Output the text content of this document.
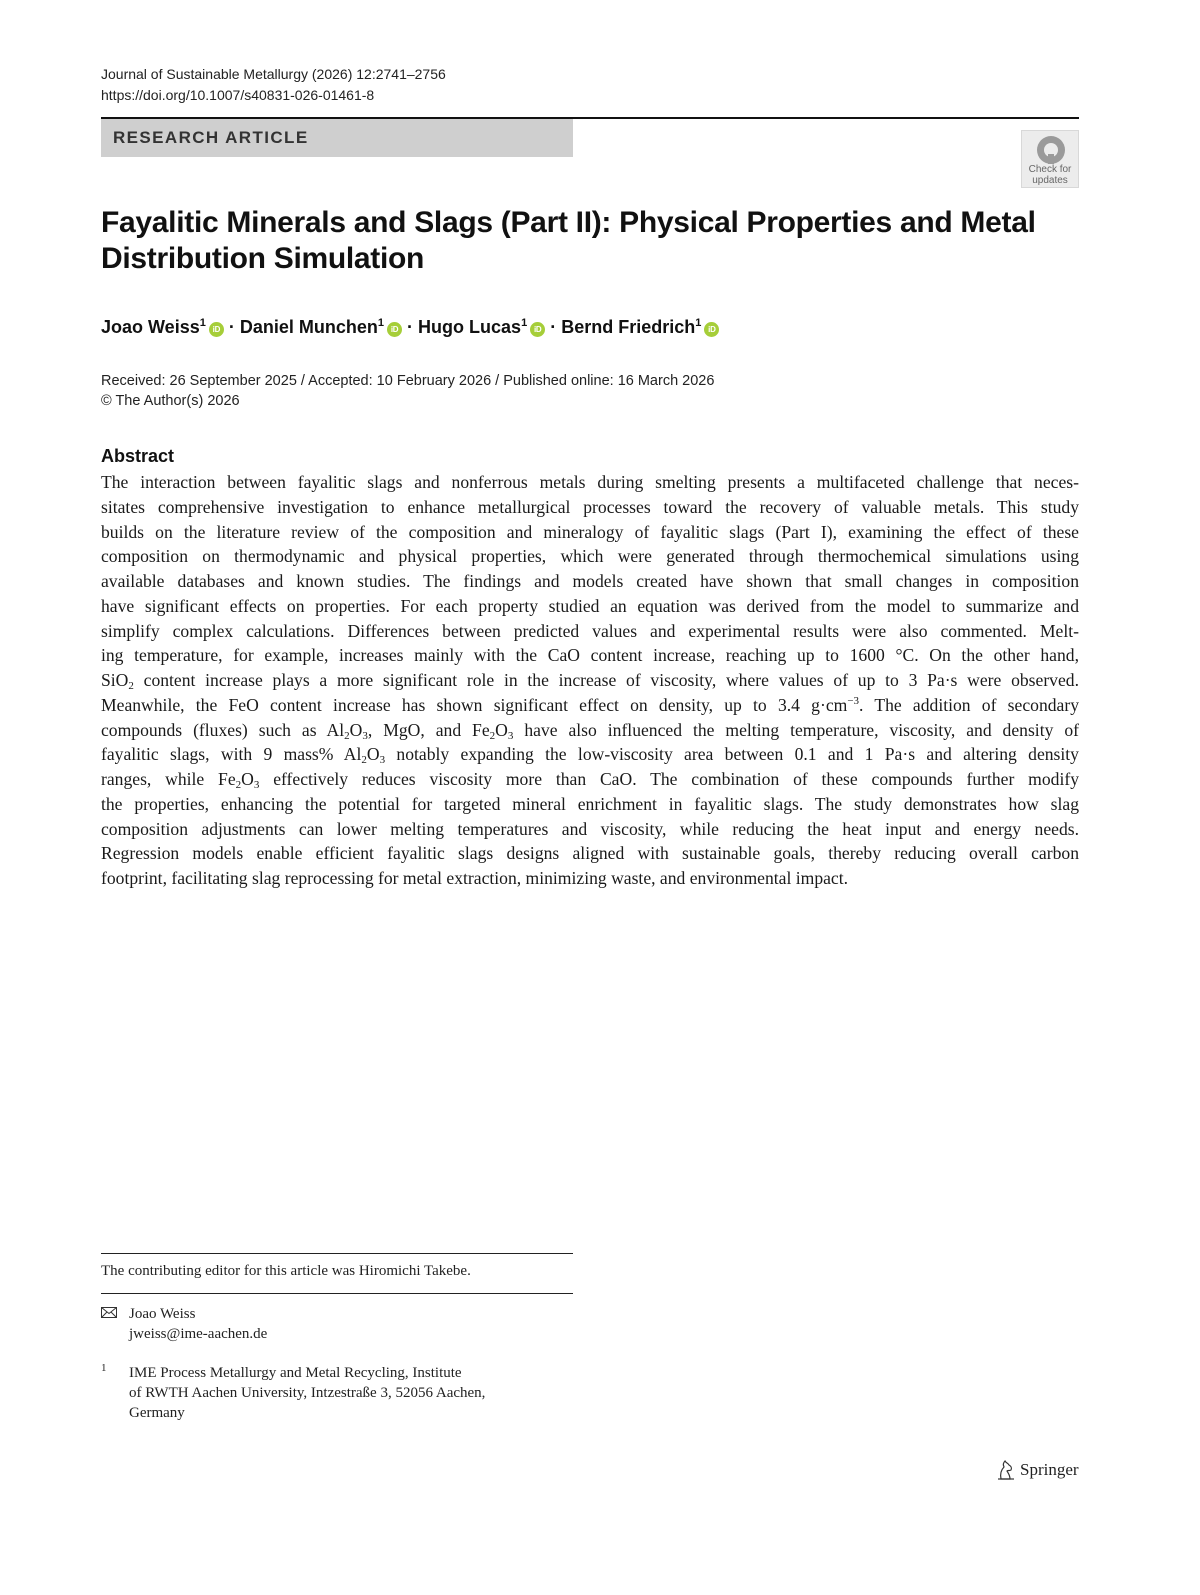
Journal of Sustainable Metallurgy (2026) 12:2741–2756
https://doi.org/10.1007/s40831-026-01461-8
RESEARCH ARTICLE
Check for
updates
Fayalitic Minerals and Slags (Part II): Physical Properties and Metal
Distribution Simulation
Joao Weiss$^1$iD · Daniel Munchen$^1$iD · Hugo Lucas$^1$iD · Bernd Friedrich$^1$iD
Received: 26 September 2025 / Accepted: 10 February 2026 / Published online: 16 March 2026
© The Author(s) 2026
Abstract
The interaction between fayalitic slags and nonferrous metals during smelting presents a multifaceted challenge that neces-
sitates comprehensive investigation to enhance metallurgical processes toward the recovery of valuable metals. This study
builds on the literature review of the composition and mineralogy of fayalitic slags (Part I), examining the effect of these
composition on thermodynamic and physical properties, which were generated through thermochemical simulations using
available databases and known studies. The findings and models created have shown that small changes in composition
have significant effects on properties. For each property studied an equation was derived from the model to summarize and
simplify complex calculations. Differences between predicted values and experimental results were also commented. Melt-
ing temperature, for example, increases mainly with the CaO content increase, reaching up to 1600 °C. On the other hand,
SiO$_2$ content increase plays a more significant role in the increase of viscosity, where values of up to 3 Pa·s were observed.
Meanwhile, the FeO content increase has shown significant effect on density, up to 3.4 $g\cdot cm^{-3}$. The addition of secondary
compounds (fluxes) such as $Al_2O_3$, MgO, and $Fe_2O_3$ have also influenced the melting temperature, viscosity, and density of
fayalitic slags, with 9 mass% $Al_2O_3$ notably expanding the low-viscosity area between 0.1 and 1 Pa·s and altering density
ranges, while $Fe_2O_3$ effectively reduces viscosity more than CaO. The combination of these compounds further modify
the properties, enhancing the potential for targeted mineral enrichment in fayalitic slags. The study demonstrates how slag
composition adjustments can lower melting temperatures and viscosity, while reducing the heat input and energy needs.
Regression models enable efficient fayalitic slags designs aligned with sustainable goals, thereby reducing overall carbon
footprint, facilitating slag reprocessing for metal extraction, minimizing waste, and environmental impact.
The contributing editor for this article was Hiromichi Takebe.
Joao Weiss
jweiss@ime-aachen.de
1 IME Process Metallurgy and Metal Recycling, Institute
of RWTH Aachen University, Intzestraße 3, 52056 Aachen,
Germany
Springer
